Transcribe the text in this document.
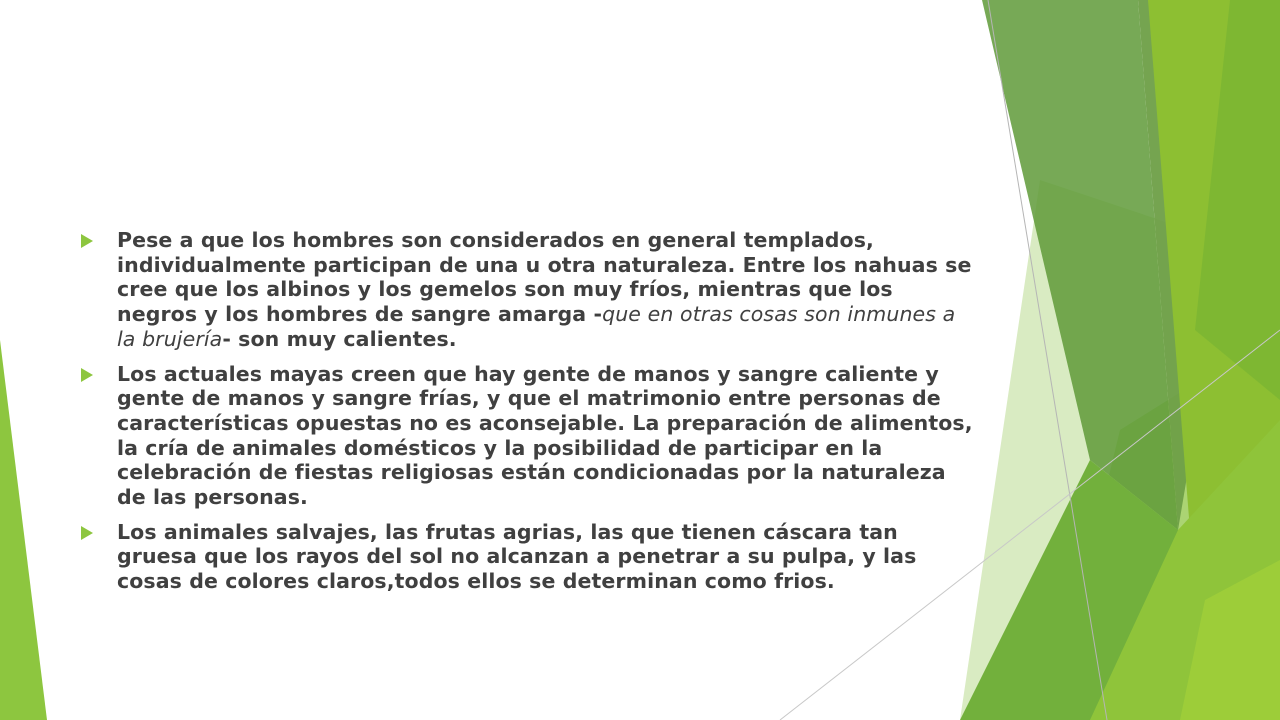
Pese a que los hombres son considerados en general templados, individualmente participan de una u otra naturaleza. Entre los nahuas se cree que los albinos y los gemelos son muy fríos, mientras que los negros y los hombres de sangre amarga -que en otras cosas son inmunes a la brujería- son muy calientes.
Los actuales mayas creen que hay gente de manos y sangre caliente y gente de manos y sangre frías, y que el matrimonio entre personas de características opuestas no es aconsejable. La preparación de alimentos, la cría de animales domésticos y la posibilidad de participar en la celebración de fiestas religiosas están condicionadas por la naturaleza de las personas.
Los animales salvajes, las frutas agrias, las que tienen cáscara tan gruesa que los rayos del sol no alcanzan a penetrar a su pulpa, y las cosas de colores claros,todos ellos se determinan como frios.
